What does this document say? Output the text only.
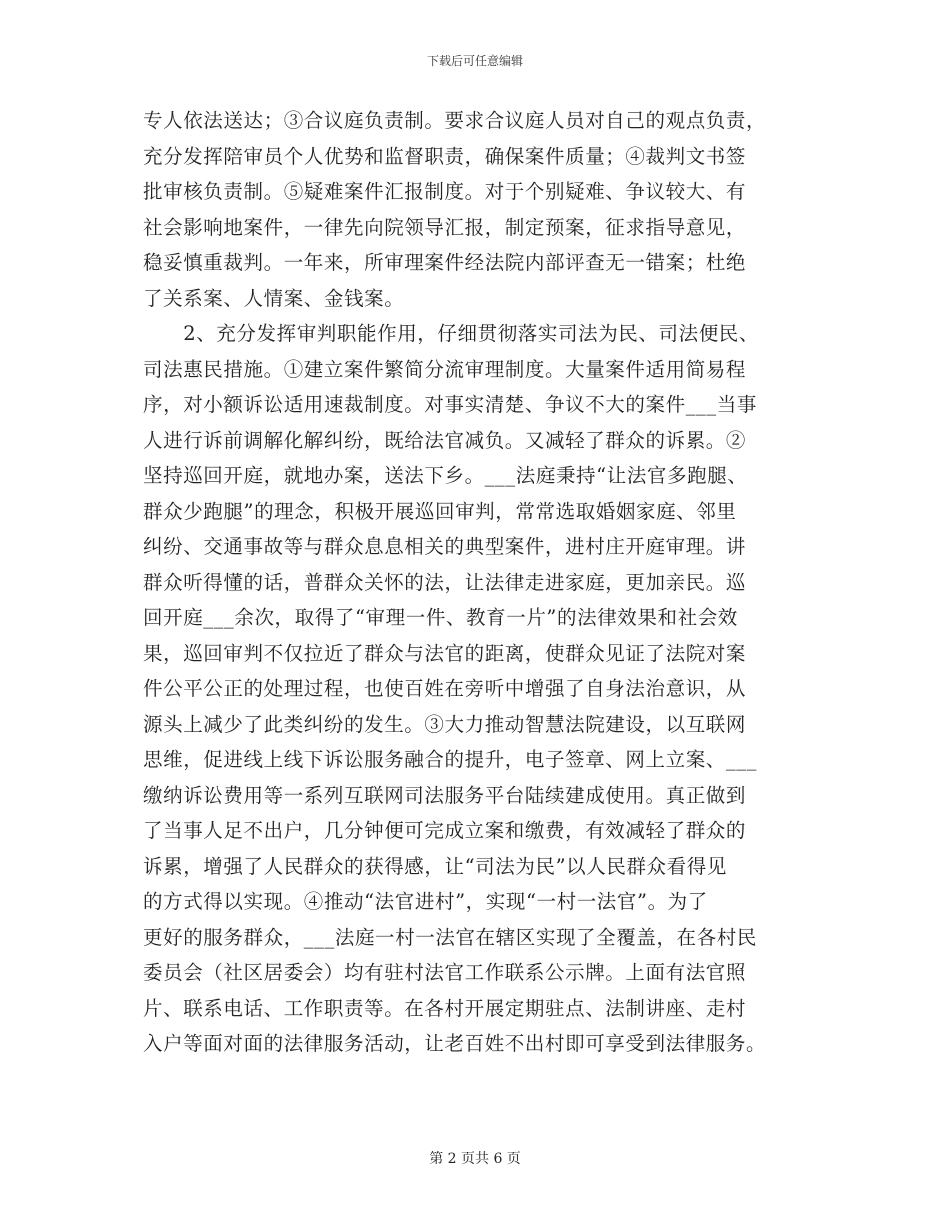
下载后可任意编辑
专人依法送达；③合议庭负责制。要求合议庭人员对自己的观点负责，
充分发挥陪审员个人优势和监督职责，确保案件质量；④裁判文书签
批审核负责制。⑤疑难案件汇报制度。对于个别疑难、争议较大、有
社会影响地案件，一律先向院领导汇报，制定预案，征求指导意见，
稳妥慎重裁判。一年来，所审理案件经法院内部评查无一错案；杜绝
了关系案、人情案、金钱案。
　　2、充分发挥审判职能作用，仔细贯彻落实司法为民、司法便民、
司法惠民措施。①建立案件繁简分流审理制度。大量案件适用简易程
序，对小额诉讼适用速裁制度。对事实清楚、争议不大的案件___当事
人进行诉前调解化解纠纷，既给法官减负。又减轻了群众的诉累。②
坚持巡回开庭，就地办案，送法下乡。___法庭秉持“让法官多跑腿、
群众少跑腿”的理念，积极开展巡回审判，常常选取婚姻家庭、邻里
纠纷、交通事故等与群众息息相关的典型案件，进村庄开庭审理。讲
群众听得懂的话，普群众关怀的法，让法律走进家庭，更加亲民。巡
回开庭___余次，取得了“审理一件、教育一片”的法律效果和社会效
果，巡回审判不仅拉近了群众与法官的距离，使群众见证了法院对案
件公平公正的处理过程，也使百姓在旁听中增强了自身法治意识，从
源头上减少了此类纠纷的发生。③大力推动智慧法院建设，以互联网
思维，促进线上线下诉讼服务融合的提升，电子签章、网上立案、___
缴纳诉讼费用等一系列互联网司法服务平台陆续建成使用。真正做到
了当事人足不出户，几分钟便可完成立案和缴费，有效减轻了群众的
诉累，增强了人民群众的获得感，让“司法为民”以人民群众看得见
的方式得以实现。④推动“法官进村”，实现“一村一法官”。为了
更好的服务群众，___法庭一村一法官在辖区实现了全覆盖，在各村民
委员会（社区居委会）均有驻村法官工作联系公示牌。上面有法官照
片、联系电话、工作职责等。在各村开展定期驻点、法制讲座、走村
入户等面对面的法律服务活动，让老百姓不出村即可享受到法律服务。
第 2 页共 6 页
